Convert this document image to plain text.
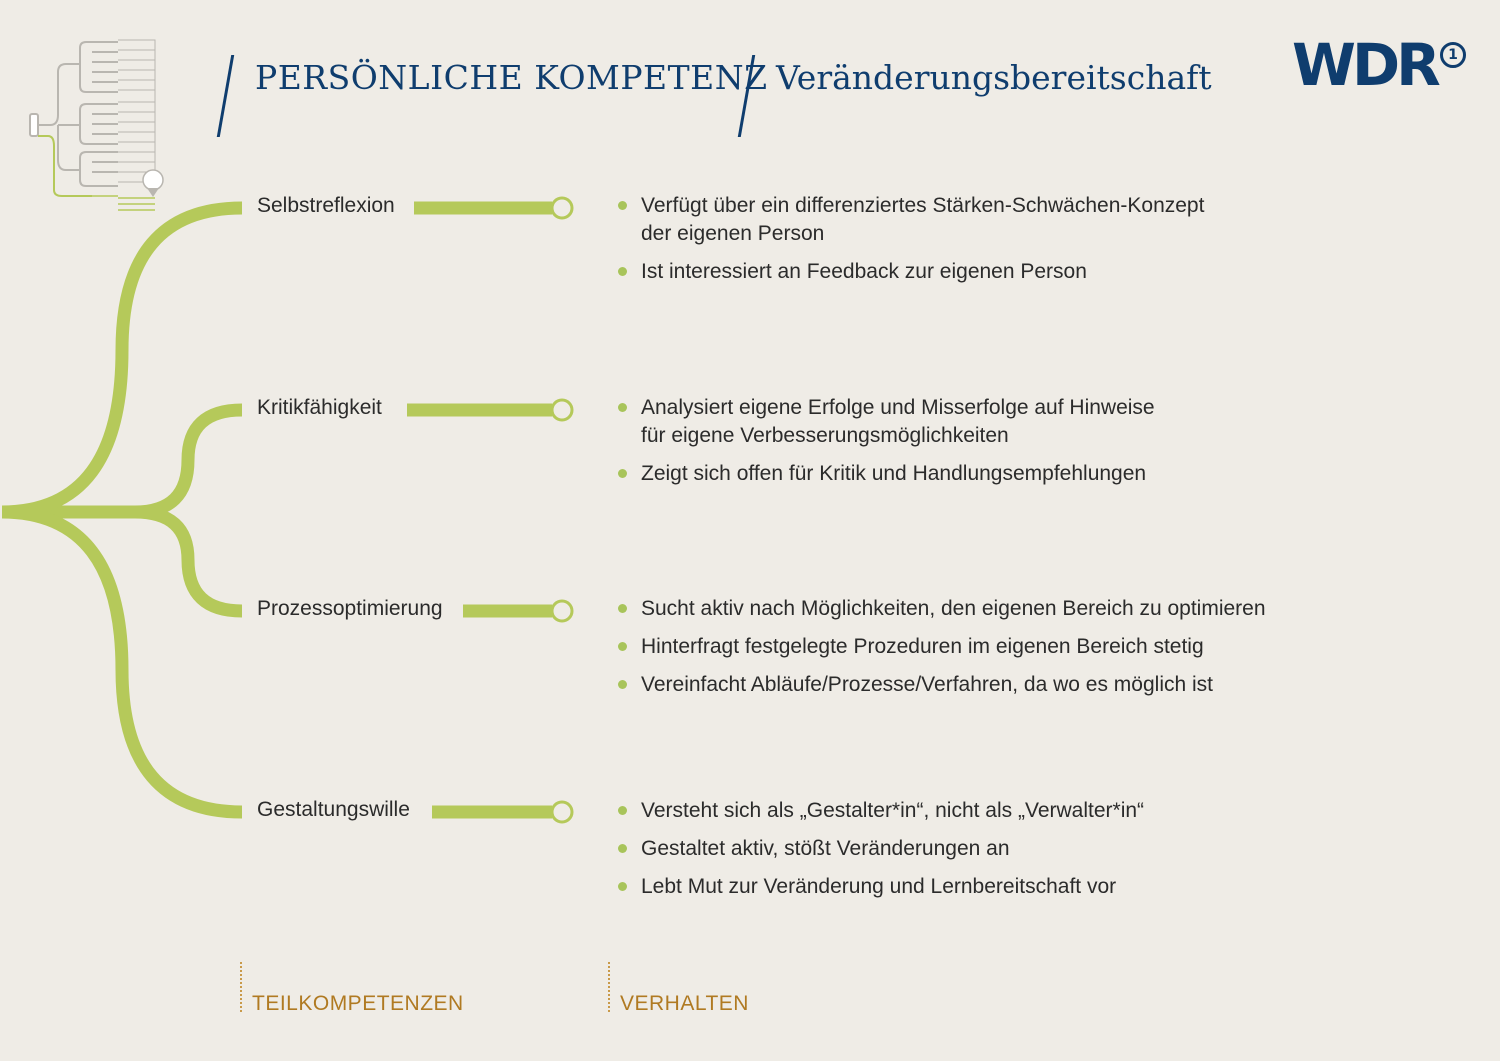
PERSÖNLICHE KOMPETENZ Veränderungsbereitschaft WDR 1
Selbstreflexion
Kritikfähigkeit
Prozessoptimierung
Gestaltungswille
Verfügt über ein differenziertes Stärken-Schwächen-Konzept
der eigenen Person
Ist interessiert an Feedback zur eigenen Person
Analysiert eigene Erfolge und Misserfolge auf Hinweise
für eigene Verbesserungsmöglichkeiten
Zeigt sich offen für Kritik und Handlungsempfehlungen
Sucht aktiv nach Möglichkeiten, den eigenen Bereich zu optimieren
Hinterfragt festgelegte Prozeduren im eigenen Bereich stetig
Vereinfacht Abläufe/Prozesse/Verfahren, da wo es möglich ist
Versteht sich als „Gestalter*in“, nicht als „Verwalter*in“
Gestaltet aktiv, stößt Veränderungen an
Lebt Mut zur Veränderung und Lernbereitschaft vor
TEILKOMPETENZEN	VERHALTEN
